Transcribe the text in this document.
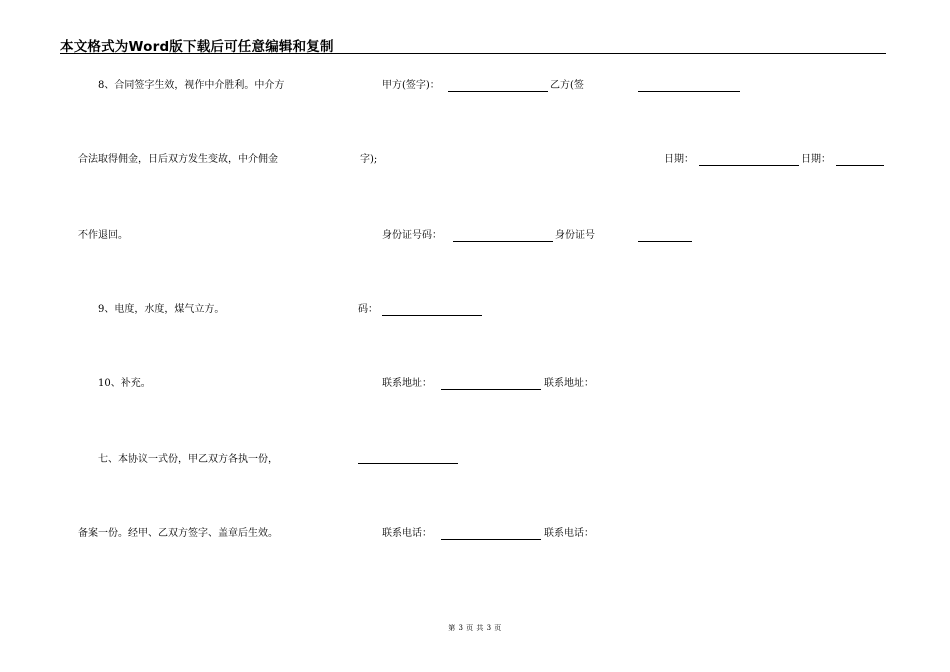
本文格式为Word版下载后可任意编辑和复制
8、合同签字生效，视作中介胜利。中介方
合法取得佣金，日后双方发生变故，中介佣金
不作退回。
9、电度，水度，煤气立方。
10、补充。
七、本协议一式份，甲乙双方各执一份，
备案一份。经甲、乙双方签字、盖章后生效。
甲方(签字)：	乙方(签
字);	日期：	日期：
身份证号码：	身份证号
码：
联系地址：	联系地址：
联系电话：	联系电话：
第 3 页 共 3 页
